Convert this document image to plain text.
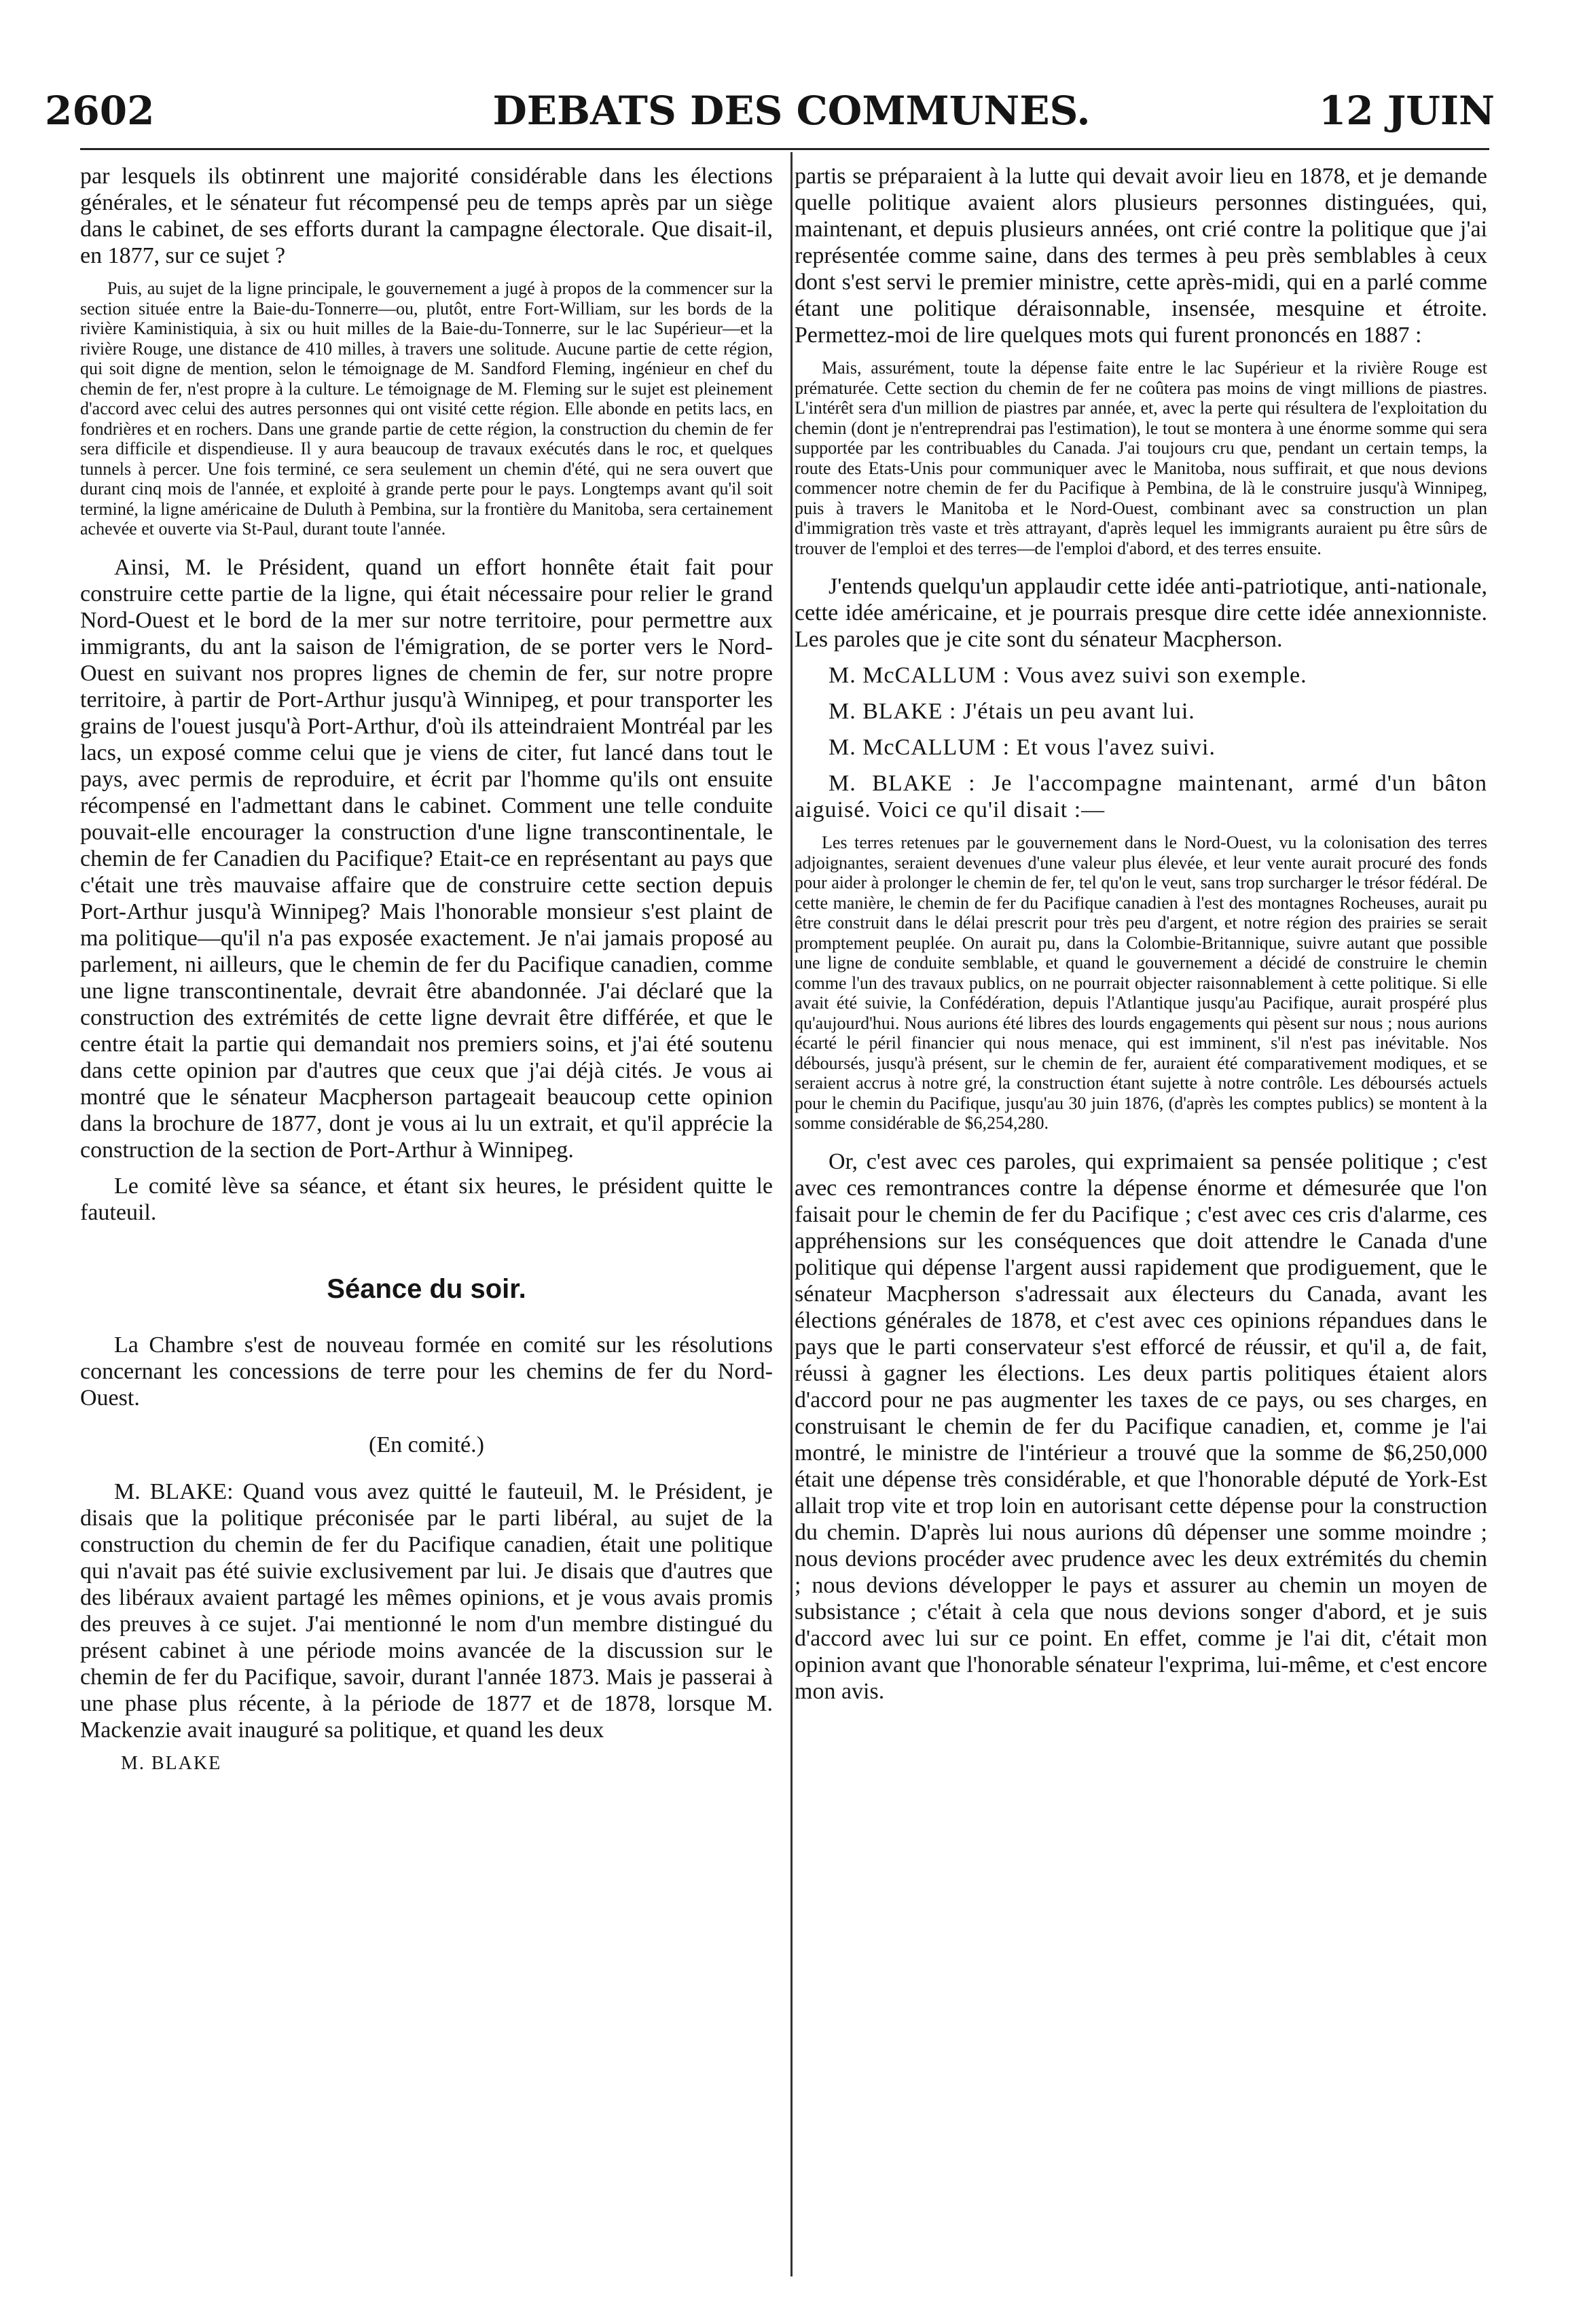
2602	DEBATS DES COMMUNES.	12 JUIN

par lesquels ils obtinrent une majorité considérable dans les élections générales, et le sénateur fut récompensé peu de temps après par un siège dans le cabinet, de ses efforts durant la campagne électorale. Que disait-il, en 1877, sur ce sujet ?

Puis, au sujet de la ligne principale, le gouvernement a jugé à propos de la commencer sur la section située entre la Baie-du-Tonnerre—ou, plutôt, entre Fort-William, sur les bords de la rivière Kaministiquia, à six ou huit milles de la Baie-du-Tonnerre, sur le lac Supérieur—et la rivière Rouge, une distance de 410 milles, à travers une solitude. Aucune partie de cette région, qui soit digne de mention, selon le témoignage de M. Sandford Fleming, ingénieur en chef du chemin de fer, n'est propre à la culture. Le témoignage de M. Fleming sur le sujet est pleinement d'accord avec celui des autres personnes qui ont visité cette région. Elle abonde en petits lacs, en fondrières et en rochers. Dans une grande partie de cette région, la construction du chemin de fer sera difficile et dispendieuse. Il y aura beaucoup de travaux exécutés dans le roc, et quelques tunnels à percer. Une fois terminé, ce sera seulement un chemin d'été, qui ne sera ouvert que durant cinq mois de l'année, et exploité à grande perte pour le pays. Longtemps avant qu'il soit terminé, la ligne américaine de Duluth à Pembina, sur la frontière du Manitoba, sera certainement achevée et ouverte via St-Paul, durant toute l'année.

Ainsi, M. le Président, quand un effort honnête était fait pour construire cette partie de la ligne, qui était nécessaire pour relier le grand Nord-Ouest et le bord de la mer sur notre territoire, pour permettre aux immigrants, du ant la saison de l'émigration, de se porter vers le Nord-Ouest en suivant nos propres lignes de chemin de fer, sur notre propre territoire, à partir de Port-Arthur jusqu'à Winnipeg, et pour transporter les grains de l'ouest jusqu'à Port-Arthur, d'où ils atteindraient Montréal par les lacs, un exposé comme celui que je viens de citer, fut lancé dans tout le pays, avec permis de reproduire, et écrit par l'homme qu'ils ont ensuite récompensé en l'admettant dans le cabinet. Comment une telle conduite pouvait-elle encourager la construction d'une ligne transcontinentale, le chemin de fer Canadien du Pacifique? Etait-ce en représentant au pays que c'était une très mauvaise affaire que de construire cette section depuis Port-Arthur jusqu'à Winnipeg? Mais l'honorable monsieur s'est plaint de ma politique—qu'il n'a pas exposée exactement. Je n'ai jamais proposé au parlement, ni ailleurs, que le chemin de fer du Pacifique canadien, comme une ligne transcontinentale, devrait être abandonnée. J'ai déclaré que la construction des extrémités de cette ligne devrait être différée, et que le centre était la partie qui demandait nos premiers soins, et j'ai été soutenu dans cette opinion par d'autres que ceux que j'ai déjà cités. Je vous ai montré que le sénateur Macpherson partageait beaucoup cette opinion dans la brochure de 1877, dont je vous ai lu un extrait, et qu'il apprécie la construction de la section de Port-Arthur à Winnipeg.

Le comité lève sa séance, et étant six heures, le président quitte le fauteuil.

Séance du soir.

La Chambre s'est de nouveau formée en comité sur les résolutions concernant les concessions de terre pour les chemins de fer du Nord-Ouest.

(En comité.)

M. BLAKE: Quand vous avez quitté le fauteuil, M. le Président, je disais que la politique préconisée par le parti libéral, au sujet de la construction du chemin de fer du Pacifique canadien, était une politique qui n'avait pas été suivie exclusivement par lui. Je disais que d'autres que des libéraux avaient partagé les mêmes opinions, et je vous avais promis des preuves à ce sujet. J'ai mentionné le nom d'un membre distingué du présent cabinet à une période moins avancée de la discussion sur le chemin de fer du Pacifique, savoir, durant l'année 1873. Mais je passerai à une phase plus récente, à la période de 1877 et de 1878, lorsque M. Mackenzie avait inauguré sa politique, et quand les deux

M. BLAKE

partis se préparaient à la lutte qui devait avoir lieu en 1878, et je demande quelle politique avaient alors plusieurs personnes distinguées, qui, maintenant, et depuis plusieurs années, ont crié contre la politique que j'ai représentée comme saine, dans des termes à peu près semblables à ceux dont s'est servi le premier ministre, cette après-midi, qui en a parlé comme étant une politique déraisonnable, insensée, mesquine et étroite. Permettez-moi de lire quelques mots qui furent prononcés en 1887 :

Mais, assurément, toute la dépense faite entre le lac Supérieur et la rivière Rouge est prématurée. Cette section du chemin de fer ne coûtera pas moins de vingt millions de piastres. L'intérêt sera d'un million de piastres par année, et, avec la perte qui résultera de l'exploitation du chemin (dont je n'entreprendrai pas l'estimation), le tout se montera à une énorme somme qui sera supportée par les contribuables du Canada. J'ai toujours cru que, pendant un certain temps, la route des Etats-Unis pour communiquer avec le Manitoba, nous suffirait, et que nous devions commencer notre chemin de fer du Pacifique à Pembina, de là le construire jusqu'à Winnipeg, puis à travers le Manitoba et le Nord-Ouest, combinant avec sa construction un plan d'immigration très vaste et très attrayant, d'après lequel les immigrants auraient pu être sûrs de trouver de l'emploi et des terres—de l'emploi d'abord, et des terres ensuite.

J'entends quelqu'un applaudir cette idée anti-patriotique, anti-nationale, cette idée américaine, et je pourrais presque dire cette idée annexionniste. Les paroles que je cite sont du sénateur Macpherson.

M. McCALLUM : Vous avez suivi son exemple.

M. BLAKE : J'étais un peu avant lui.

M. McCALLUM : Et vous l'avez suivi.

M. BLAKE : Je l'accompagne maintenant, armé d'un bâton aiguisé. Voici ce qu'il disait :—

Les terres retenues par le gouvernement dans le Nord-Ouest, vu la colonisation des terres adjoignantes, seraient devenues d'une valeur plus élevée, et leur vente aurait procuré des fonds pour aider à prolonger le chemin de fer, tel qu'on le veut, sans trop surcharger le trésor fédéral. De cette manière, le chemin de fer du Pacifique canadien à l'est des montagnes Rocheuses, aurait pu être construit dans le délai prescrit pour très peu d'argent, et notre région des prairies se serait promptement peuplée. On aurait pu, dans la Colombie-Britannique, suivre autant que possible une ligne de conduite semblable, et quand le gouvernement a décidé de construire le chemin comme l'un des travaux publics, on ne pourrait objecter raisonnablement à cette politique. Si elle avait été suivie, la Confédération, depuis l'Atlantique jusqu'au Pacifique, aurait prospéré plus qu'aujourd'hui. Nous aurions été libres des lourds engagements qui pèsent sur nous ; nous aurions écarté le péril financier qui nous menace, qui est imminent, s'il n'est pas inévitable. Nos déboursés, jusqu'à présent, sur le chemin de fer, auraient été comparativement modiques, et se seraient accrus à notre gré, la construction étant sujette à notre contrôle. Les déboursés actuels pour le chemin du Pacifique, jusqu'au 30 juin 1876, (d'après les comptes publics) se montent à la somme considérable de $6,254,280.

Or, c'est avec ces paroles, qui exprimaient sa pensée politique ; c'est avec ces remontrances contre la dépense énorme et démesurée que l'on faisait pour le chemin de fer du Pacifique ; c'est avec ces cris d'alarme, ces appréhensions sur les conséquences que doit attendre le Canada d'une politique qui dépense l'argent aussi rapidement que prodiguement, que le sénateur Macpherson s'adressait aux électeurs du Canada, avant les élections générales de 1878, et c'est avec ces opinions répandues dans le pays que le parti conservateur s'est efforcé de réussir, et qu'il a, de fait, réussi à gagner les élections. Les deux partis politiques étaient alors d'accord pour ne pas augmenter les taxes de ce pays, ou ses charges, en construisant le chemin de fer du Pacifique canadien, et, comme je l'ai montré, le ministre de l'intérieur a trouvé que la somme de $6,250,000 était une dépense très considérable, et que l'honorable député de York-Est allait trop vite et trop loin en autorisant cette dépense pour la construction du chemin. D'après lui nous aurions dû dépenser une somme moindre ; nous devions procéder avec prudence avec les deux extrémités du chemin ; nous devions développer le pays et assurer au chemin un moyen de subsistance ; c'était à cela que nous devions songer d'abord, et je suis d'accord avec lui sur ce point. En effet, comme je l'ai dit, c'était mon opinion avant que l'honorable sénateur l'exprima, lui-même, et c'est encore mon avis.
